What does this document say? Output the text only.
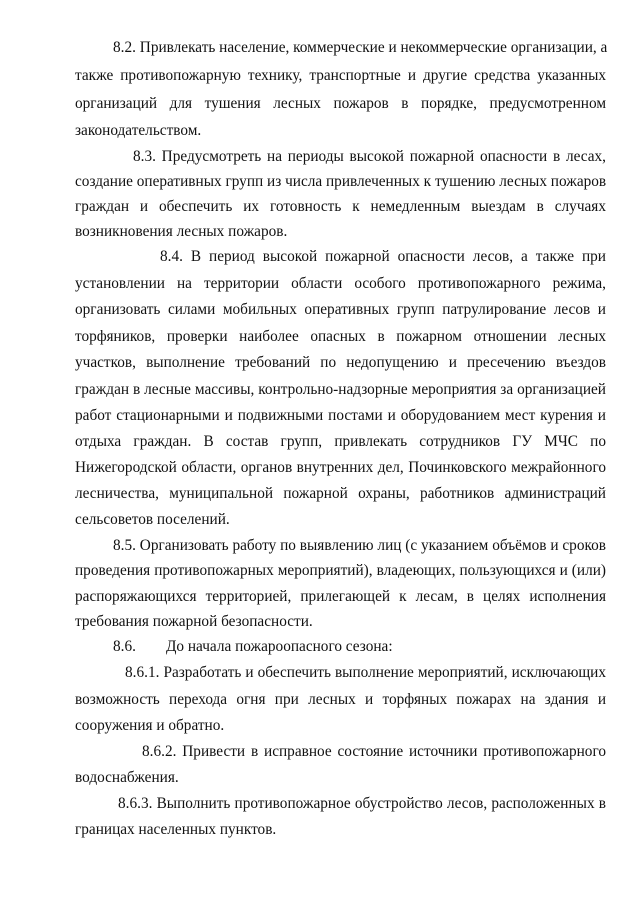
8.2. Привлекать население, коммерческие и некоммерческие организации, а
также противопожарную технику, транспортные и другие средства указанных
организаций для тушения лесных пожаров в порядке, предусмотренном
законодательством.
8.3. Предусмотреть на периоды высокой пожарной опасности в лесах,
создание оперативных групп из числа привлеченных к тушению лесных пожаров
граждан и обеспечить их готовность к немедленным выездам в случаях
возникновения лесных пожаров.
8.4. В период высокой пожарной опасности лесов, а также при
установлении на территории области особого противопожарного режима,
организовать силами мобильных оперативных групп патрулирование лесов и
торфяников, проверки наиболее опасных в пожарном отношении лесных
участков, выполнение требований по недопущению и пресечению въездов
граждан в лесные массивы, контрольно-надзорные мероприятия за организацией
работ стационарными и подвижными постами и оборудованием мест курения и
отдыха граждан. В состав групп, привлекать сотрудников ГУ МЧС по
Нижегородской области, органов внутренних дел, Починковского межрайонного
лесничества, муниципальной пожарной охраны, работников администраций
сельсоветов поселений.
8.5. Организовать работу по выявлению лиц (с указанием объёмов и сроков
проведения противопожарных мероприятий), владеющих, пользующихся и (или)
распоряжающихся территорией, прилегающей к лесам, в целях исполнения
требования пожарной безопасности.
8.6. До начала пожароопасного сезона:
8.6.1. Разработать и обеспечить выполнение мероприятий, исключающих
возможность перехода огня при лесных и торфяных пожарах на здания и
сооружения и обратно.
8.6.2. Привести в исправное состояние источники противопожарного
водоснабжения.
8.6.3. Выполнить противопожарное обустройство лесов, расположенных в
границах населенных пунктов.
